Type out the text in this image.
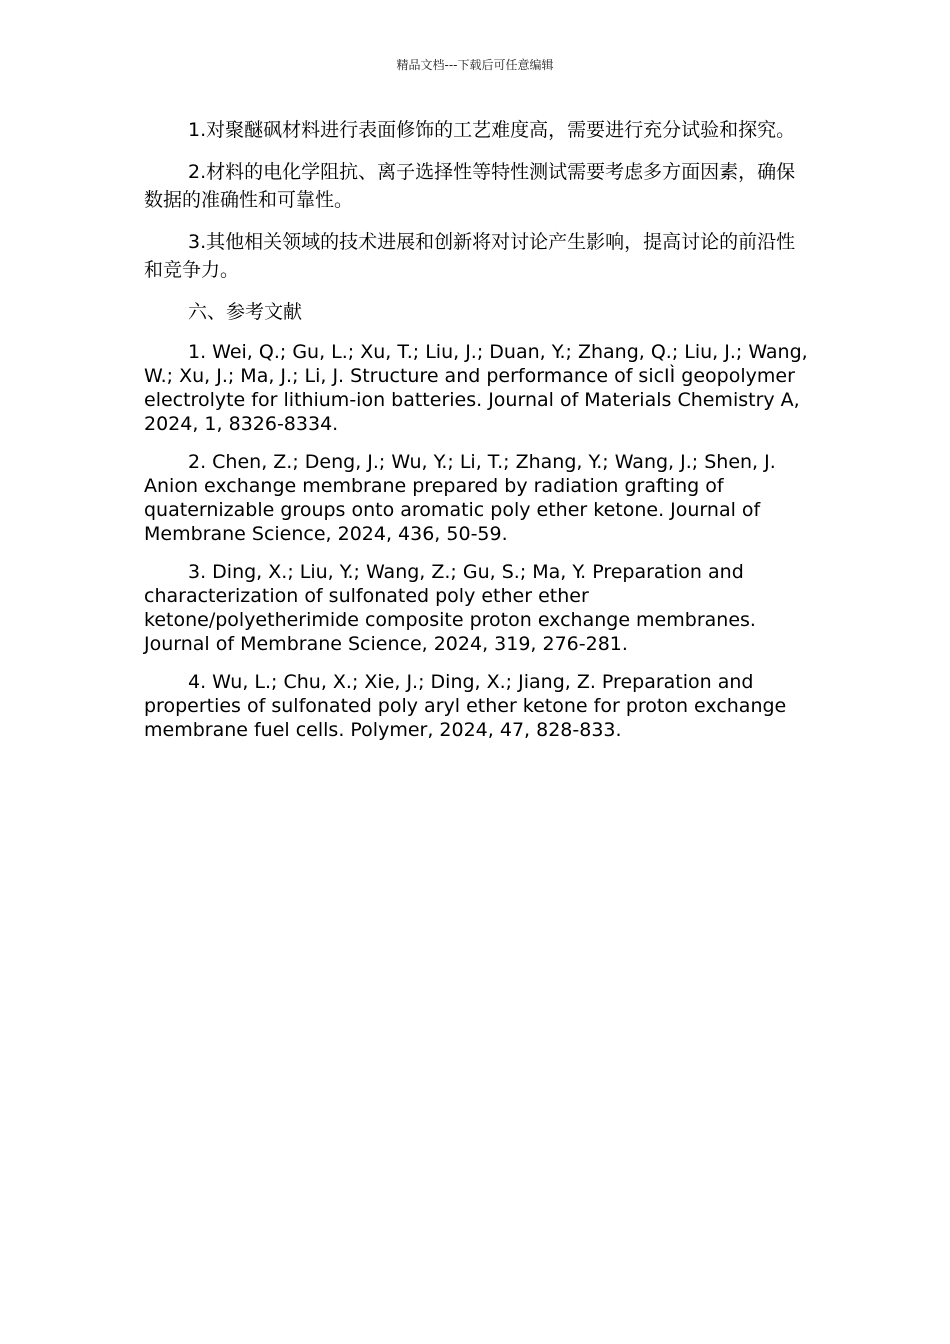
精品文档---下载后可任意编辑

1.对聚醚砜材料进行表面修饰的工艺难度高，需要进行充分试验和探究。

2.材料的电化学阻抗、离子选择性等特性测试需要考虑多方面因素，确保数据的准确性和可靠性。

3.其他相关领域的技术进展和创新将对讨论产生影响，提高讨论的前沿性和竞争力。

六、参考文献

1. Wei, Q.; Gu, L.; Xu, T.; Liu, J.; Duan, Y.; Zhang, Q.; Liu, J.; Wang, W.; Xu, J.; Ma, J.; Li, J. Structure and performance of sicIÌ geopolymer electrolyte for lithium-ion batteries. Journal of Materials Chemistry A, 2024, 1, 8326-8334.

2. Chen, Z.; Deng, J.; Wu, Y.; Li, T.; Zhang, Y.; Wang, J.; Shen, J. Anion exchange membrane prepared by radiation grafting of quaternizable groups onto aromatic poly ether ketone. Journal of Membrane Science, 2024, 436, 50-59.

3. Ding, X.; Liu, Y.; Wang, Z.; Gu, S.; Ma, Y. Preparation and characterization of sulfonated poly ether ether ketone/polyetherimide composite proton exchange membranes. Journal of Membrane Science, 2024, 319, 276-281.

4. Wu, L.; Chu, X.; Xie, J.; Ding, X.; Jiang, Z. Preparation and properties of sulfonated poly aryl ether ketone for proton exchange membrane fuel cells. Polymer, 2024, 47, 828-833.
